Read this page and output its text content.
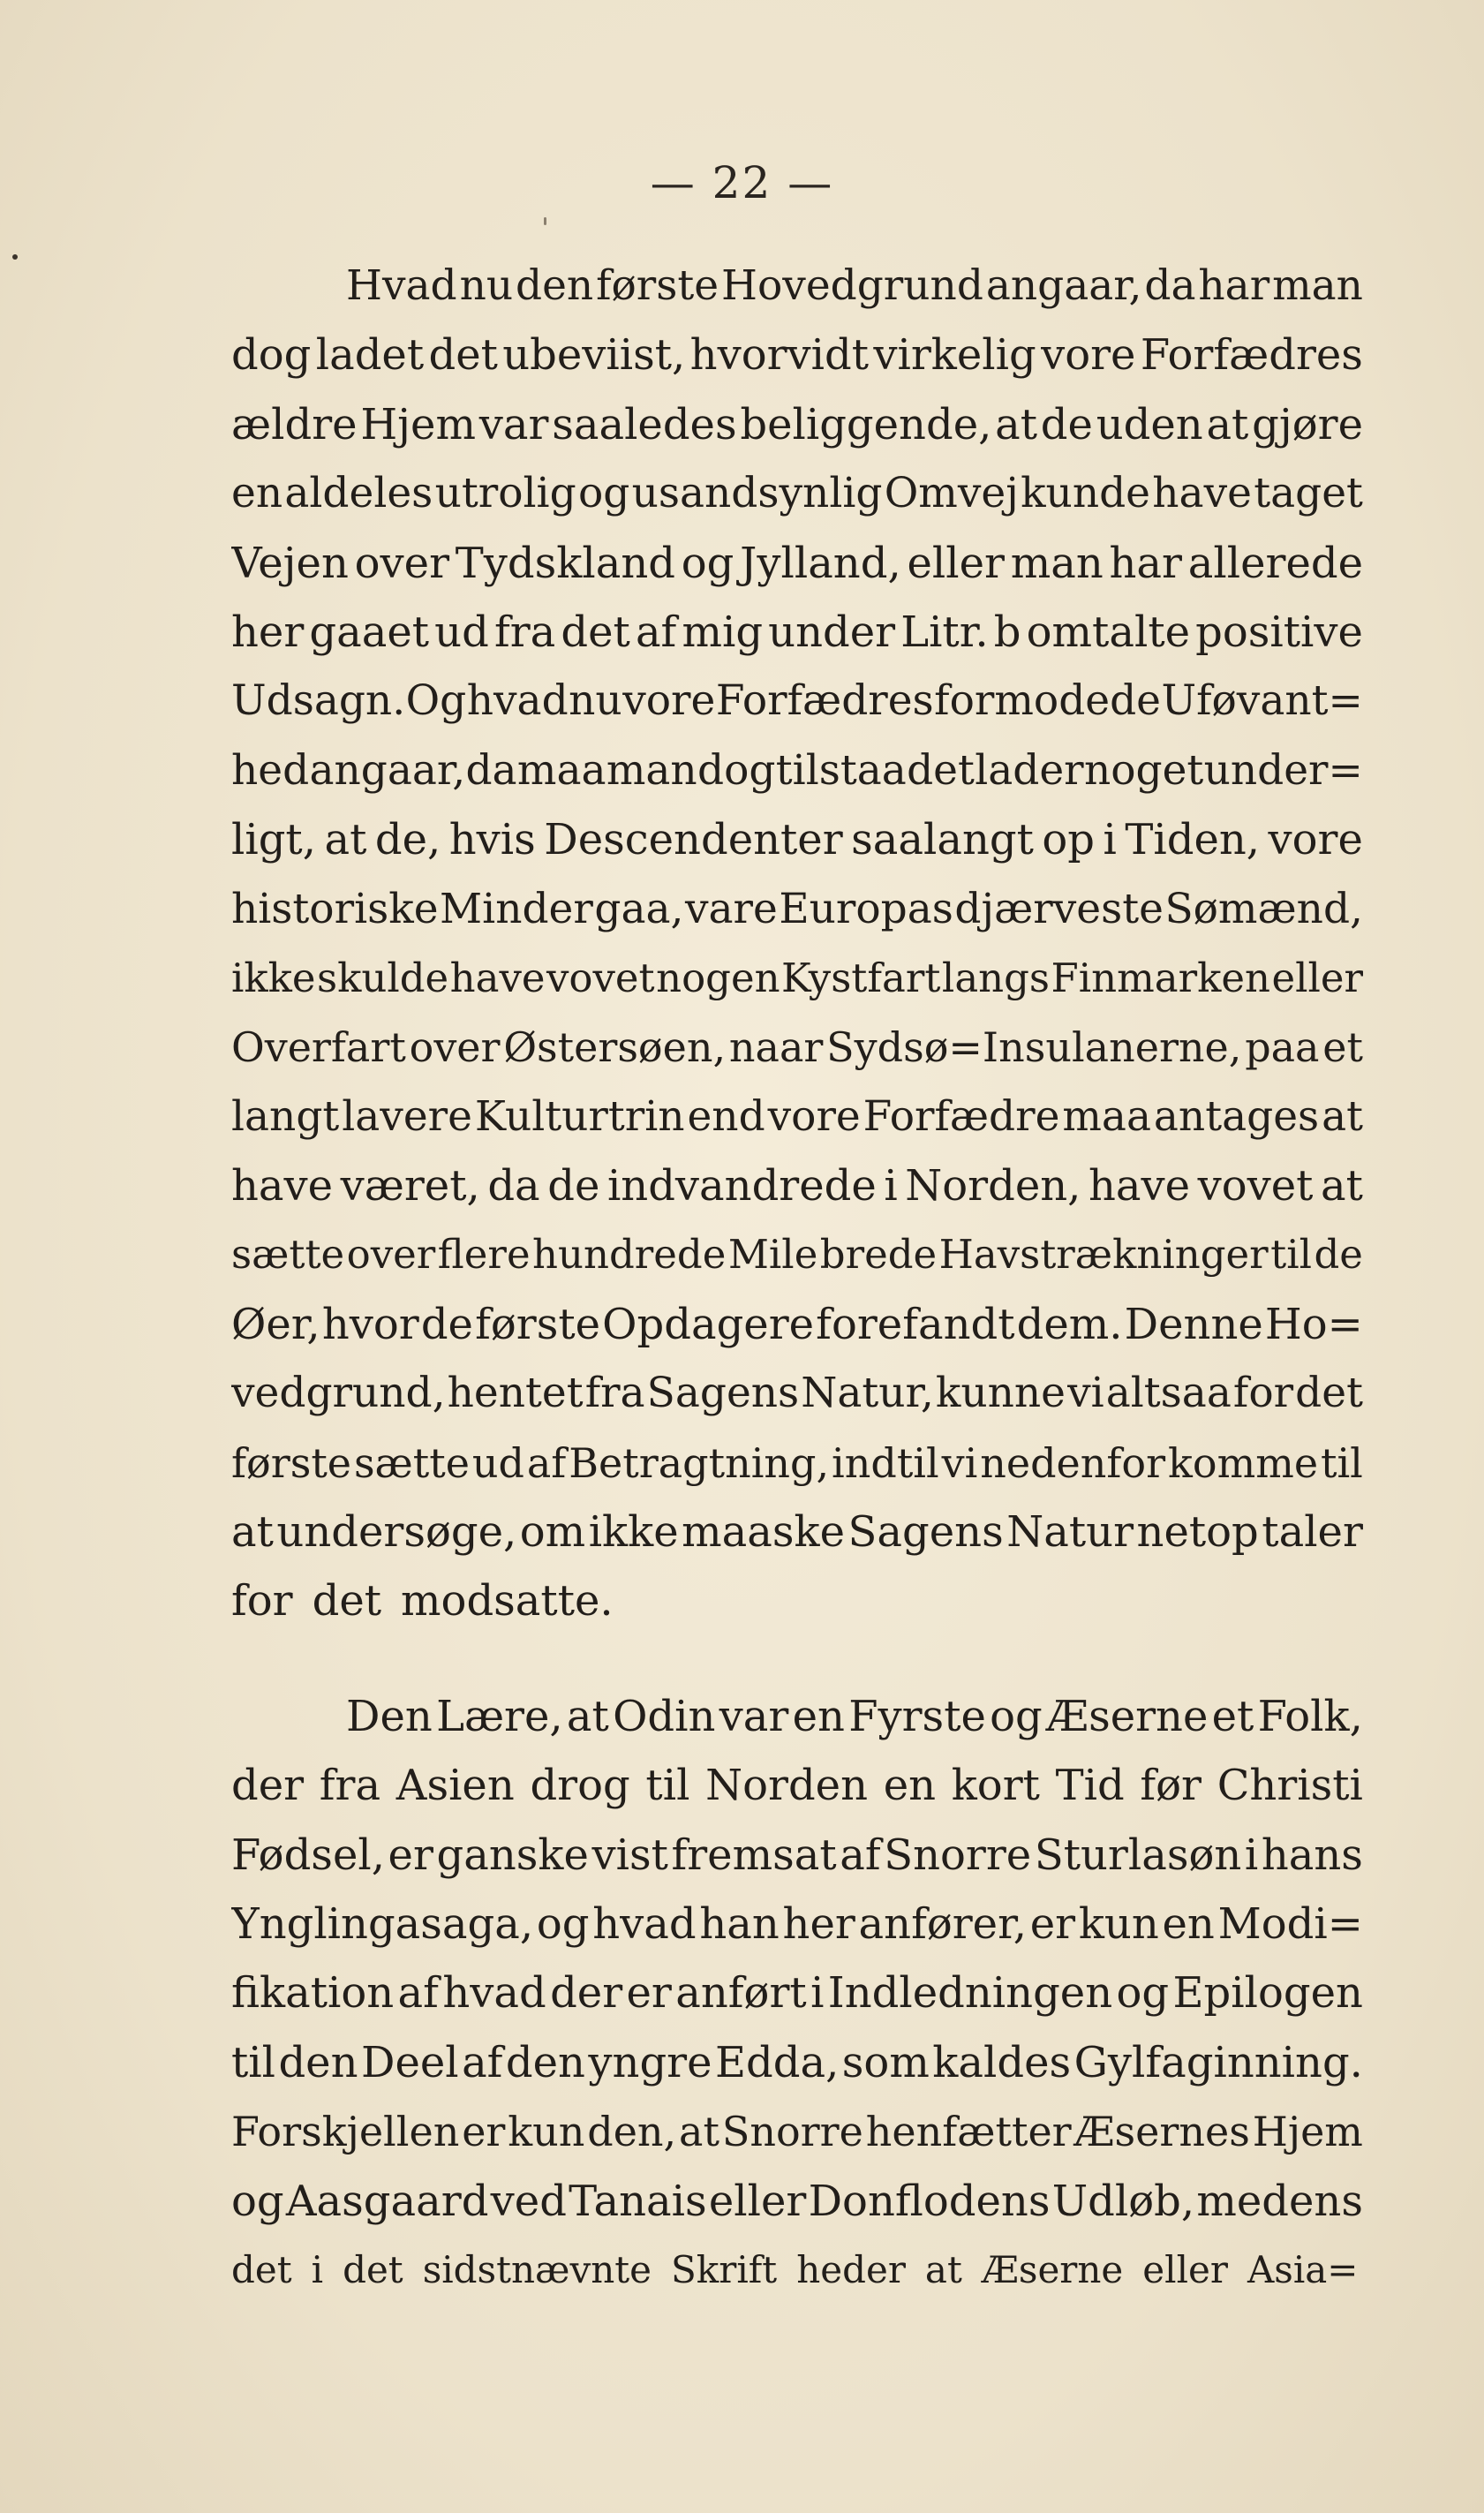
— 22 —
Hvad nu den første Hovedgrund angaar, da har man
dog ladet det ubeviist, hvorvidt virkelig vore Forfædres
ældre Hjem var saaledes beliggende, at de uden at gjøre
en aldeles utrolig og usandsynlig Omvej kunde have taget
Vejen over Tydskland og Jylland, eller man har allerede
her gaaet ud fra det af mig under Litr. b omtalte positive
Udsagn. Og hvad nu vore Forfædres formodede Uføvant=
hed angaar, da maa man dog tilstaa det lader noget under=
ligt, at de, hvis Descendenter saalangt op i Tiden, vore
historiske Minder gaa, vare Europas djærveste Sømænd,
ikke skulde have vovet nogen Kystfart langs Finmarken eller
Overfart over Østersøen, naar Sydsø=Insulanerne, paa et
langt lavere Kulturtrin end vore Forfædre maa antages at
have været, da de indvandrede i Norden, have vovet at
sætte over flere hundrede Mile brede Havstrækninger til de
Øer, hvor de første Opdagere forefandt dem. Denne Ho=
vedgrund, hentet fra Sagens Natur, kunne vi altsaa for det
første sætte ud af Betragtning, indtil vi nedenfor komme til
at undersøge, om ikke maaske Sagens Natur netop taler
for det modsatte.
Den Lære, at Odin var en Fyrste og Æserne et Folk,
der fra Asien drog til Norden en kort Tid før Christi
Fødsel, er ganske vist fremsat af Snorre Sturlasøn i hans
Ynglingasaga, og hvad han her anfører, er kun en Modi=
fikation af hvad der er anført i Indledningen og Epilogen
til den Deel af den yngre Edda, som kaldes Gylfaginning.
Forskjellen er kun den, at Snorre henfætter Æsernes Hjem
og Aasgaard ved Tanais eller Donflodens Udløb, medens
det i det sidstnævnte Skrift heder at Æserne eller Asia=
